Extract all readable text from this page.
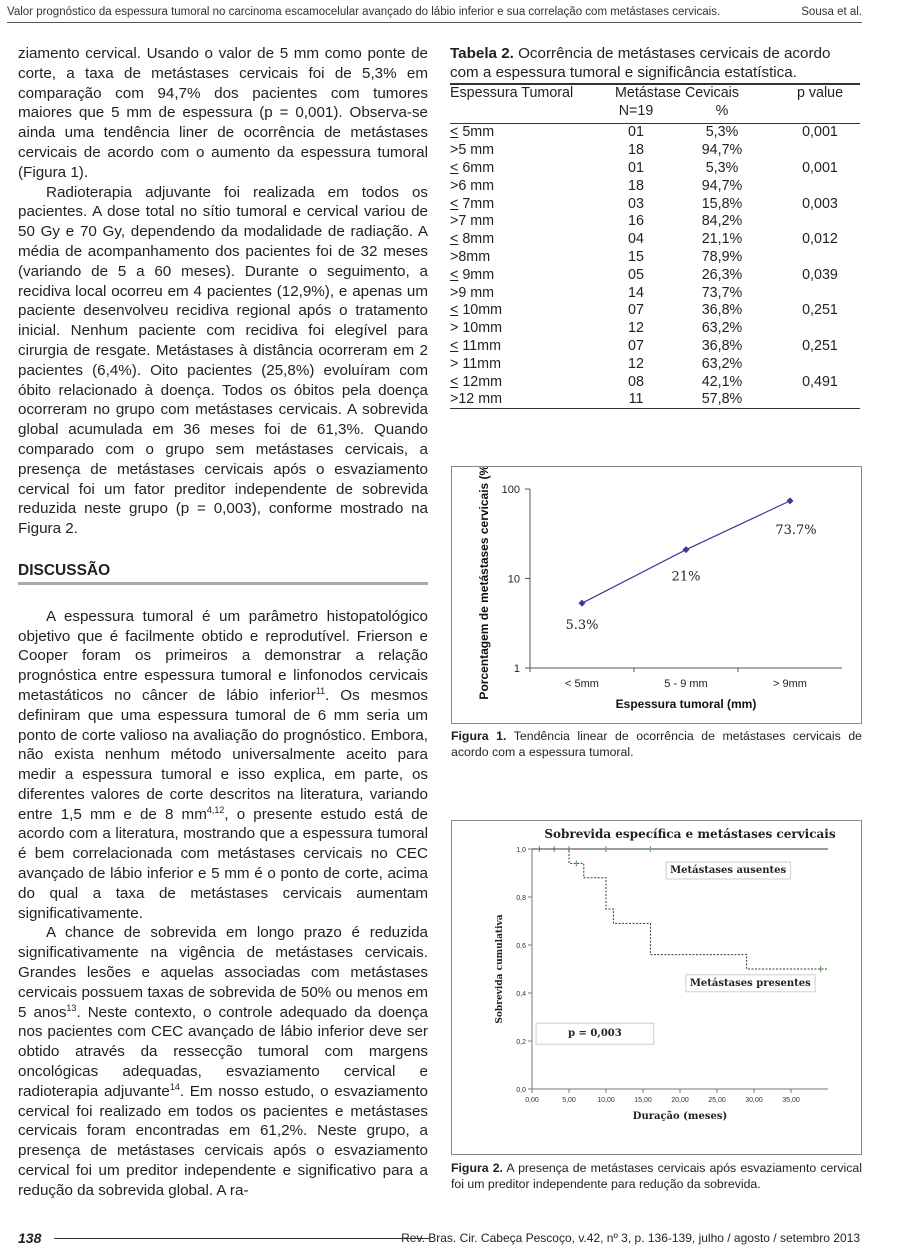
Valor prognóstico da espessura tumoral no carcinoma escamocelular avançado do lábio inferior e sua correlação com metástases cervicais.	Sousa et al.

ziamento cervical. Usando o valor de 5 mm como ponte de corte, a taxa de metástases cervicais foi de 5,3% em comparação com 94,7% dos pacientes com tumores maiores que 5 mm de espessura (p = 0,001). Observa-se ainda uma tendência liner de ocorrência de metástases cervicais de acordo com o aumento da espessura tumoral (Figura 1).

Radioterapia adjuvante foi realizada em todos os pacientes. A dose total no sítio tumoral e cervical variou de 50 Gy e 70 Gy, dependendo da modalidade de radiação. A média de acompanhamento dos pacientes foi de 32 meses (variando de 5 a 60 meses). Durante o seguimento, a recidiva local ocorreu em 4 pacientes (12,9%), e apenas um paciente desenvolveu recidiva regional após o tratamento inicial. Nenhum paciente com recidiva foi elegível para cirurgia de resgate. Metástases à distância ocorreram em 2 pacientes (6,4%). Oito pacientes (25,8%) evoluíram com óbito relacionado à doença. Todos os óbitos pela doença ocorreram no grupo com metástases cervicais. A sobrevida global acumulada em 36 meses foi de 61,3%. Quando comparado com o grupo sem metástases cervicais, a presença de metástases cervicais após o esvaziamento cervical foi um fator preditor independente de sobrevida reduzida neste grupo (p = 0,003), conforme mostrado na Figura 2.

DISCUSSÃO

A espessura tumoral é um parâmetro histopatológico objetivo que é facilmente obtido e reprodutível. Frierson e Cooper foram os primeiros a demonstrar a relação prognóstica entre espessura tumoral e linfonodos cervicais metastáticos no câncer de lábio inferior$^{11}$. Os mesmos definiram que uma espessura tumoral de 6 mm seria um ponto de corte valioso na avaliação do prognóstico. Embora, não exista nenhum método universalmente aceito para medir a espessura tumoral e isso explica, em parte, os diferentes valores de corte descritos na literatura, variando entre 1,5 mm e de 8 mm$^{4,12}$, o presente estudo está de acordo com a literatura, mostrando que a espessura tumoral é bem correlacionada com metástases cervicais no CEC avançado de lábio inferior e 5 mm é o ponto de corte, acima do qual a taxa de metástases cervicais aumentam significativamente.

A chance de sobrevida em longo prazo é reduzida significativamente na vigência de metástases cervicais. Grandes lesões e aquelas associadas com metástases cervicais possuem taxas de sobrevida de 50% ou menos em 5 anos$^{13}$. Neste contexto, o controle adequado da doença nos pacientes com CEC avançado de lábio inferior deve ser obtido através da ressecção tumoral com margens oncológicas adequadas, esvaziamento cervical e radioterapia adjuvante$^{14}$. Em nosso estudo, o esvaziamento cervical foi realizado em todos os pacientes e metástases cervicais foram encontradas em 61,2%. Neste grupo, a presença de metástases cervicais após o esvaziamento cervical foi um preditor independente e significativo para a redução da sobrevida global. A ra-

Tabela 2. Ocorrência de metástases cervicais de acordo com a espessura tumoral e significância estatística.
Espessura Tumoral	Metástase Cevicais		p value
	N=19	%	
< 5mm	01	5,3%	0,001
>5 mm	18	94,7%	
< 6mm	01	5,3%	0,001
>6 mm	18	94,7%	
< 7mm	03	15,8%	0,003
>7 mm	16	84,2%	
< 8mm	04	21,1%	0,012
>8mm	15	78,9%	
< 9mm	05	26,3%	0,039
>9 mm	14	73,7%	
< 10mm	07	36,8%	0,251
> 10mm	12	63,2%	
< 11mm	07	36,8%	0,251
> 11mm	12	63,2%	
< 12mm	08	42,1%	0,491
>12 mm	11	57,8%	
1
10
100
< 5mm	5 - 9 mm	> 9mm
5.3%
21%
73.7%
Espessura tumoral (mm)
Porcentagem de metástases cervicais (% )
Figura 1. Tendência linear de ocorrência de metástases cervicais de acordo com a espessura tumoral.
Sobrevida específica e metástases cervicais
0,0
0,2
0,4
0,6
0,8
1,0
0,00	5,00	10,00	15,00	20,00	25,00	30,00	35,00
Metástases ausentes
Metástases presentes
p = 0,003
Duração (meses)
Sobrevida cumulativa
Figura 2. A presença de metástases cervicais após esvaziamento cervical foi um preditor independente para redução da sobrevida.
138	Rev. Bras. Cir. Cabeça Pescoço, v.42, nº 3, p. 136-139, julho / agosto / setembro 2013
